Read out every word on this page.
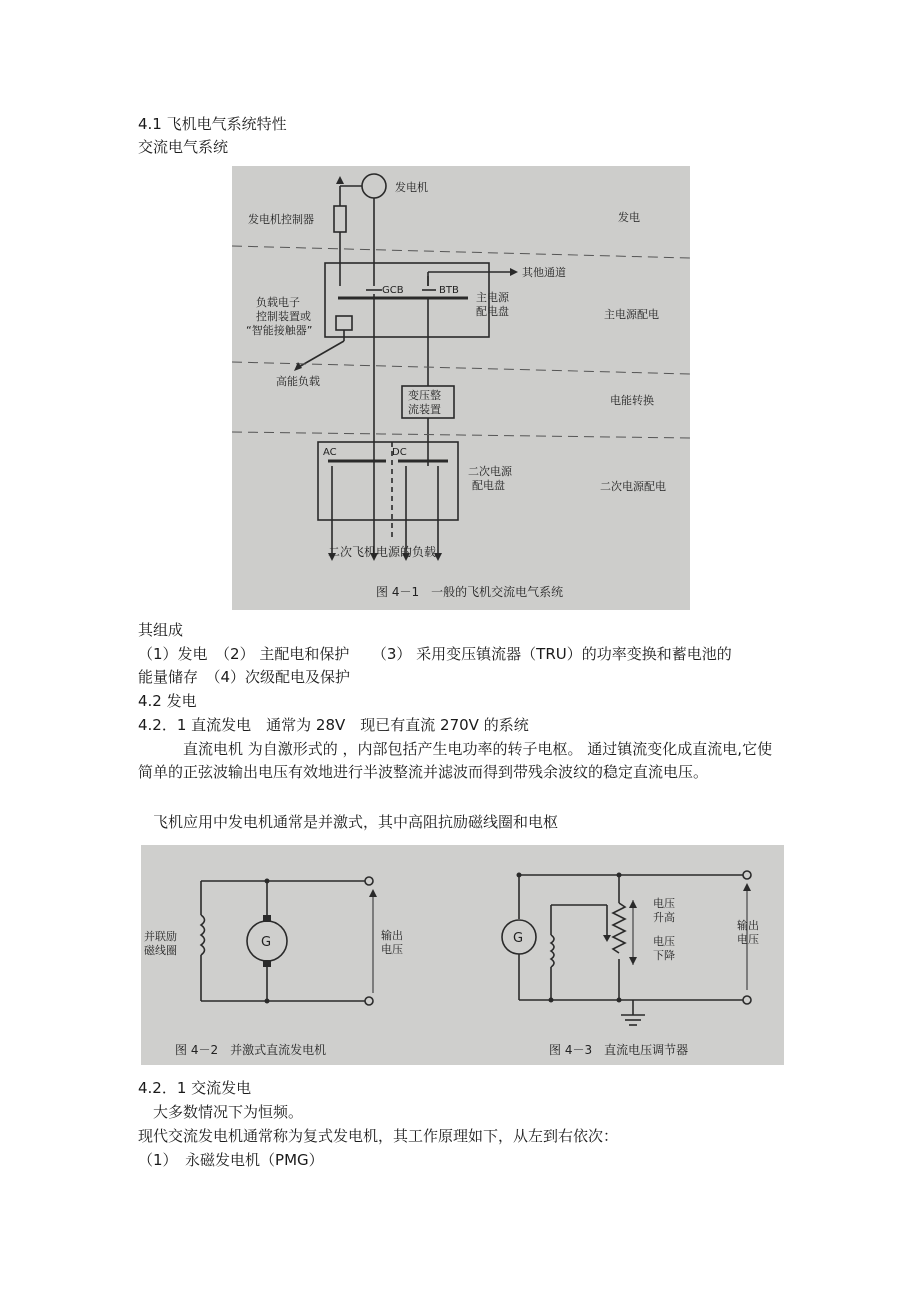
4.1 飞机电气系统特性

交流电气系统

发电机
发电机控制器	发电
其他通道
GCB	BTB
负载电子
控制装置或
“智能接触器”
主电源
配电盘	主电源配电
高能负载
变压整
流装置
电能转换
AC	DC
二次电源
配电盘	二次电源配电
二次飞机电源的负载
图 4－1　一般的飞机交流电气系统

其组成

（1）发电　（2） 主配电和保护　　（3） 采用变压镇流器（TRU）的功率变换和蓄电池的

能量储存　（4）次级配电及保护

4.2 发电

4.2．1 直流发电　通常为 28V　现已有直流 270V 的系统

　　　直流电机 为自激形式的 ，内部包括产生电功率的转子电枢。 通过镇流变化成直流电,它使简单的正弦波输出电压有效地进行半波整流并滤波而得到带残余波纹的稳定直流电压。

　飞机应用中发电机通常是并激式，其中高阻抗励磁线圈和电枢

并联励
磁线圈
G	输出
电压
图 4－2　并激式直流发电机
G
电压
升高
电压
下降
输出
电压
图 4－3　直流电压调节器

4.2．1 交流发电

　大多数情况下为恒频。

现代交流发电机通常称为复式发电机，其工作原理如下，从左到右依次：

（1）　永磁发电机（PMG）
